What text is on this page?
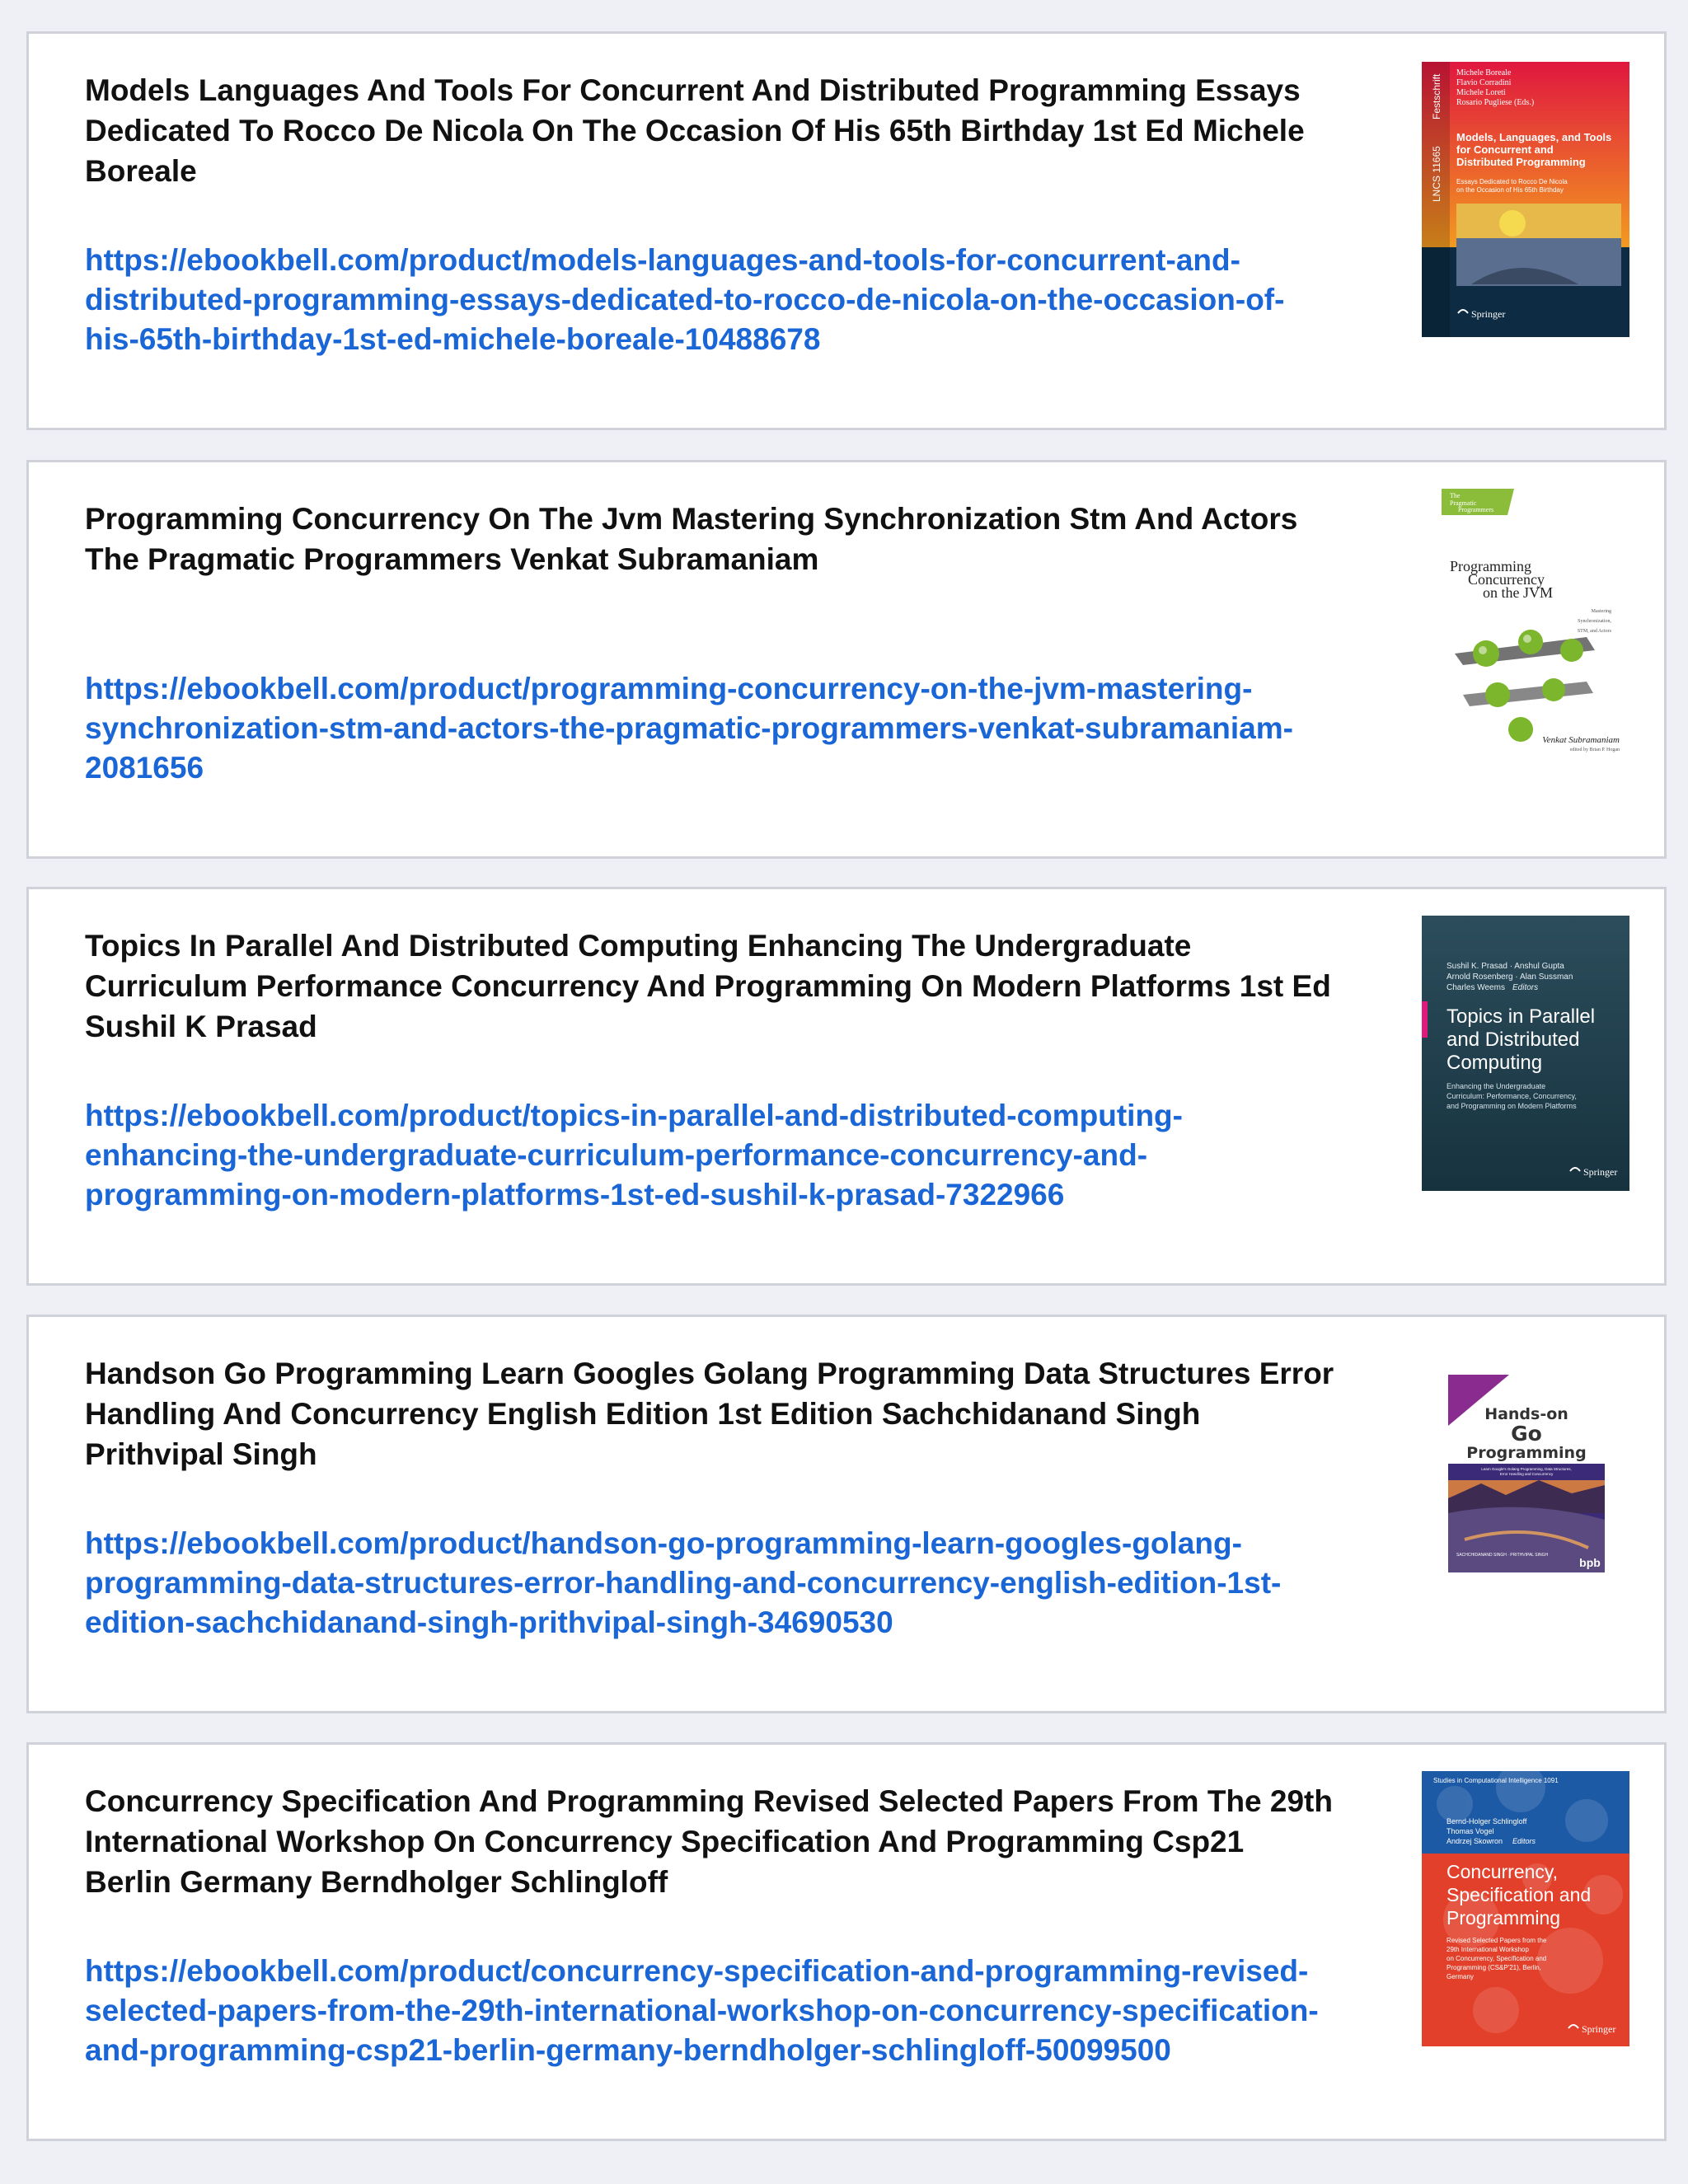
Models Languages And Tools For Concurrent And Distributed Programming Essays Dedicated To Rocco De Nicola On The Occasion Of His 65th Birthday 1st Ed Michele Boreale
https://ebookbell.com/product/models-languages-and-tools-for-concurrent-and-distributed-programming-essays-dedicated-to-rocco-de-nicola-on-the-occasion-of-his-65th-birthday-1st-ed-michele-boreale-10488678
Festschrift
LNCS 11665
Michele Boreale
Flavio Corradini
Michele Loreti
Rosario Pugliese (Eds.)
Models, Languages, and Tools
for Concurrent and
Distributed Programming
Essays Dedicated to Rocco De Nicola
on the Occasion of His 65th Birthday
Springer
Programming Concurrency On The Jvm Mastering Synchronization Stm And Actors The Pragmatic Programmers Venkat Subramaniam
https://ebookbell.com/product/programming-concurrency-on-the-jvm-mastering-synchronization-stm-and-actors-the-pragmatic-programmers-venkat-subramaniam-2081656
The
Pragmatic
Programmers
Programming
Concurrency
on the JVM
Mastering
Synchronization,
STM, and Actors
Venkat Subramaniam
edited by Brian P. Hogan
Topics In Parallel And Distributed Computing Enhancing The Undergraduate Curriculum Performance Concurrency And Programming On Modern Platforms 1st Ed Sushil K Prasad
https://ebookbell.com/product/topics-in-parallel-and-distributed-computing-enhancing-the-undergraduate-curriculum-performance-concurrency-and-programming-on-modern-platforms-1st-ed-sushil-k-prasad-7322966
Sushil K. Prasad · Anshul Gupta
Arnold Rosenberg · Alan Sussman
Charles Weems Editors
Topics in Parallel
and Distributed
Computing
Enhancing the Undergraduate
Curriculum: Performance, Concurrency,
and Programming on Modern Platforms
Springer
Handson Go Programming Learn Googles Golang Programming Data Structures Error Handling And Concurrency English Edition 1st Edition Sachchidanand Singh Prithvipal Singh
https://ebookbell.com/product/handson-go-programming-learn-googles-golang-programming-data-structures-error-handling-and-concurrency-english-edition-1st-edition-sachchidanand-singh-prithvipal-singh-34690530
Hands-on
Go
Programming
Learn Google's Golang Programming, Data Structures,
Error Handling and Concurrency
SACHCHIDANAND SINGH · PRITHVIPAL SINGH
bpb
Concurrency Specification And Programming Revised Selected Papers From The 29th International Workshop On Concurrency Specification And Programming Csp21 Berlin Germany Berndholger Schlingloff
https://ebookbell.com/product/concurrency-specification-and-programming-revised-selected-papers-from-the-29th-international-workshop-on-concurrency-specification-and-programming-csp21-berlin-germany-berndholger-schlingloff-50099500
Studies in Computational Intelligence 1091
Bernd-Holger Schlingloff
Thomas Vogel
Andrzej Skowron Editors
Concurrency,
Specification and
Programming
Revised Selected Papers from the
29th International Workshop
on Concurrency, Specification and
Programming (CS&P'21), Berlin,
Germany
Springer
